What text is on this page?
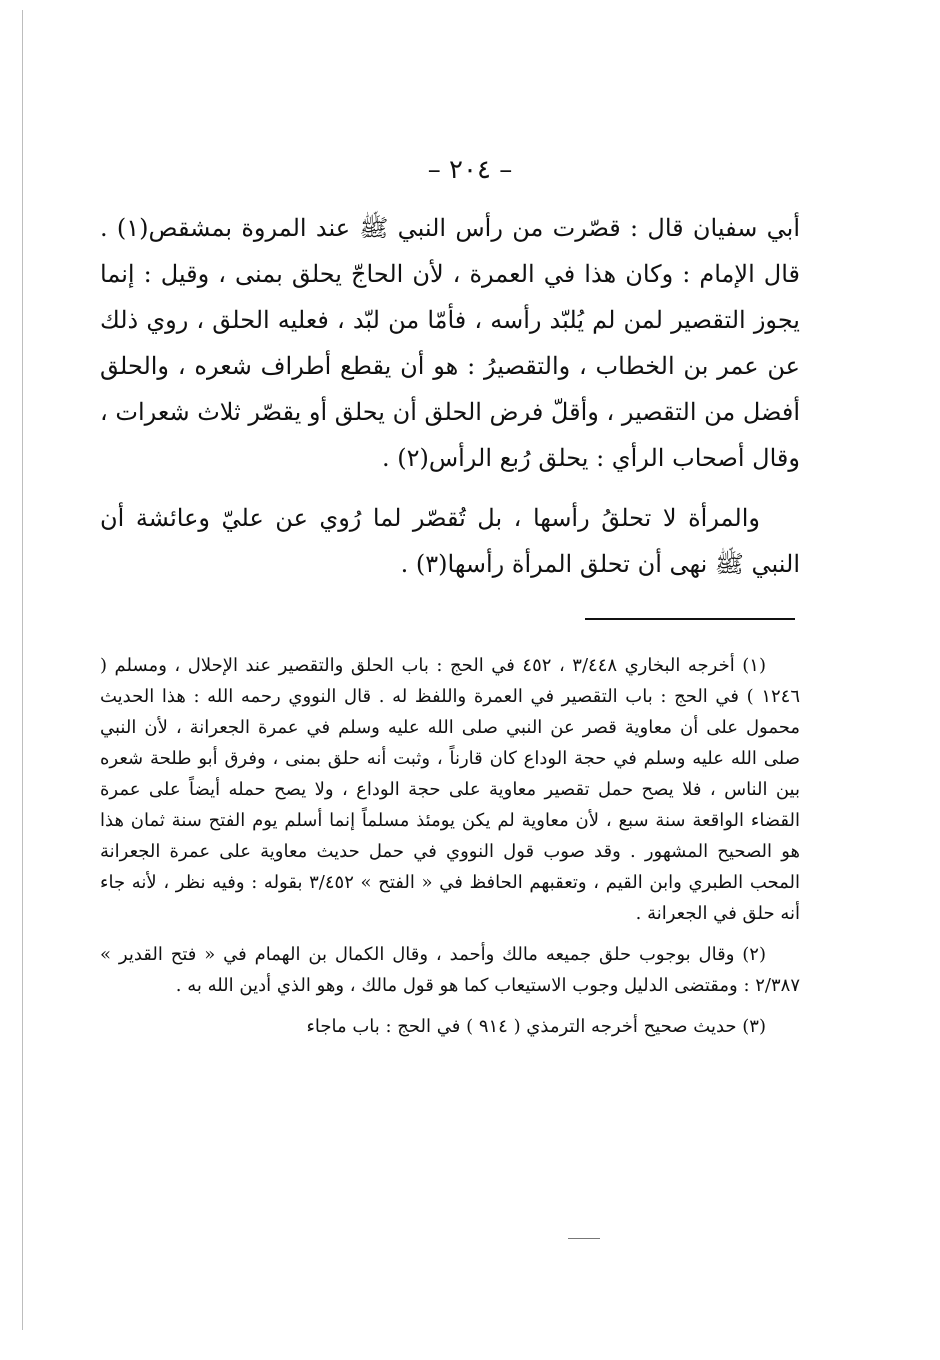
– ٢٠٤ –

أبي سفيان قال : قصّرت من رأس النبي ﷺ عند المروة بمشقص(١) . قال الإمام : وكان هذا في العمرة ، لأن الحاجّ يحلق بمنى ، وقيل : إنما يجوز التقصير لمن لم يُلبّد رأسه ، فأمّا من لبّد ، فعليه الحلق ، روي ذلك عن عمر بن الخطاب ، والتقصيرُ : هو أن يقطع أطراف شعره ، والحلق أفضل من التقصير ، وأقلّ فرض الحلق أن يحلق أو يقصّر ثلاث شعرات ، وقال أصحاب الرأي : يحلق رُبع الرأس(٢) .

والمرأة لا تحلقُ رأسها ، بل تُقصّر لما رُوي عن عليّ وعائشة أن النبي ﷺ نهى أن تحلق المرأة رأسها(٣) .

(١) أخرجه البخاري ٣/٤٤٨ ، ٤٥٢ في الحج : باب الحلق والتقصير عند الإحلال ، ومسلم ( ١٢٤٦ ) في الحج : باب التقصير في العمرة واللفظ له . قال النووي رحمه الله : هذا الحديث محمول على أن معاوية قصر عن النبي صلى الله عليه وسلم في عمرة الجعرانة ، لأن النبي صلى الله عليه وسلم في حجة الوداع كان قارناً ، وثبت أنه حلق بمنى ، وفرق أبو طلحة شعره بين الناس ، فلا يصح حمل تقصير معاوية على حجة الوداع ، ولا يصح حمله أيضاً على عمرة القضاء الواقعة سنة سبع ، لأن معاوية لم يكن يومئذ مسلماً إنما أسلم يوم الفتح سنة ثمان هذا هو الصحيح المشهور . وقد صوب قول النووي في حمل حديث معاوية على عمرة الجعرانة المحب الطبري وابن القيم ، وتعقبهم الحافظ في « الفتح » ٣/٤٥٢ بقوله : وفيه نظر ، لأنه جاء أنه حلق في الجعرانة .

(٢) وقال بوجوب حلق جميعه مالك وأحمد ، وقال الكمال بن الهمام في « فتح القدير » ٢/٣٨٧ : ومقتضى الدليل وجوب الاستيعاب كما هو قول مالك ، وهو الذي أدين الله به .

(٣) حديث صحيح أخرجه الترمذي ( ٩١٤ ) في الحج : باب ماجاء
